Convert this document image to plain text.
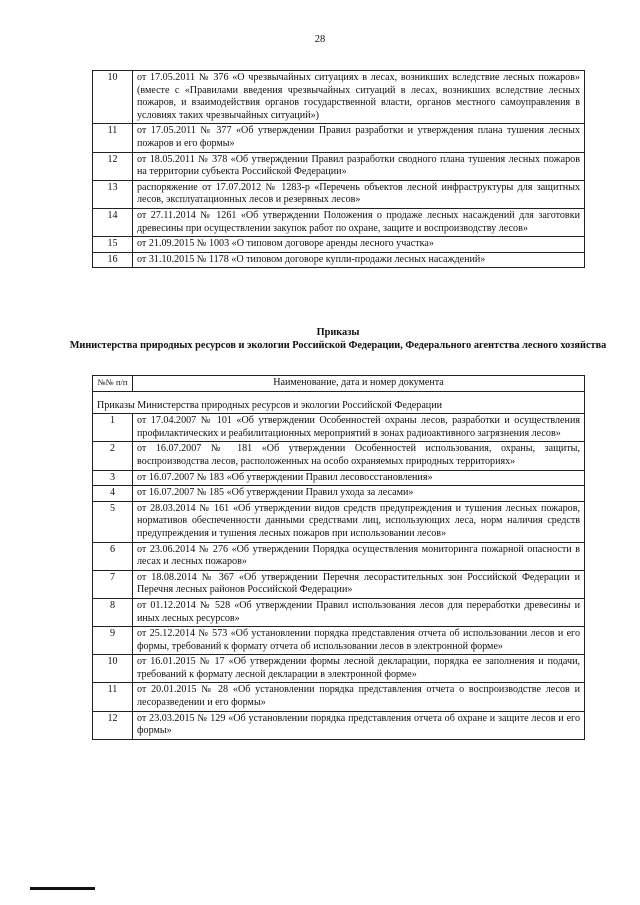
28
10	от 17.05.2011 № 376 «О чрезвычайных ситуациях в лесах, возникших вследствие лесных пожаров» (вместе с «Правилами введения чрезвычайных ситуаций в лесах, возникших вследствие лесных пожаров, и взаимодействия органов государственной власти, органов местного самоуправления в условиях таких чрезвычайных ситуаций»)
11	от 17.05.2011 № 377 «Об утверждении Правил разработки и утверждения плана тушения лесных пожаров и его формы»
12	от 18.05.2011 № 378 «Об утверждении Правил разработки сводного плана тушения лесных пожаров на территории субъекта Российской Федерации»
13	распоряжение от 17.07.2012 № 1283-р «Перечень объектов лесной инфраструктуры для защитных лесов, эксплуатационных лесов и резервных лесов»
14	от 27.11.2014 № 1261 «Об утверждении Положения о продаже лесных насаждений для заготовки древесины при осуществлении закупок работ по охране, защите и воспроизводству лесов»
15	от 21.09.2015 № 1003 «О типовом договоре аренды лесного участка»
16	от 31.10.2015 № 1178 «О типовом договоре купли-продажи лесных насаждений»
Приказы
Министерства природных ресурсов и экологии Российской Федерации, Федерального агентства лесного хозяйства
№№ п/п	Наименование, дата и номер документа
Приказы Министерства природных ресурсов и экологии Российской Федерации	
1	от 17.04.2007 № 101 «Об утверждении Особенностей охраны лесов, разработки и осуществления профилактических и реабилитационных мероприятий в зонах радиоактивного загрязнения лесов»
2	от 16.07.2007 № 181 «Об утверждении Особенностей использования, охраны, защиты, воспроизводства лесов, расположенных на особо охраняемых природных территориях»
3	от 16.07.2007 № 183 «Об утверждении Правил лесовосстановления»
4	от 16.07.2007 № 185 «Об утверждении Правил ухода за лесами»
5	от 28.03.2014 № 161 «Об утверждении видов средств предупреждения и тушения лесных пожаров, нормативов обеспеченности данными средствами лиц, использующих леса, норм наличия средств предупреждения и тушения лесных пожаров при использовании лесов»
6	от 23.06.2014 № 276 «Об утверждении Порядка осуществления мониторинга пожарной опасности в лесах и лесных пожаров»
7	от 18.08.2014 № 367 «Об утверждении Перечня лесорастительных зон Российской Федерации и Перечня лесных районов Российской Федерации»
8	от 01.12.2014 № 528 «Об утверждении Правил использования лесов для переработки древесины и иных лесных ресурсов»
9	от 25.12.2014 № 573 «Об установлении порядка представления отчета об использовании лесов и его формы, требований к формату отчета об использовании лесов в электронной форме»
10	от 16.01.2015 № 17 «Об утверждении формы лесной декларации, порядка ее заполнения и подачи, требований к формату лесной декларации в электронной форме»
11	от 20.01.2015 № 28 «Об установлении порядка представления отчета о воспроизводстве лесов и лесоразведении и его формы»
12	от 23.03.2015 № 129 «Об установлении порядка представления отчета об охране и защите лесов и его формы»
